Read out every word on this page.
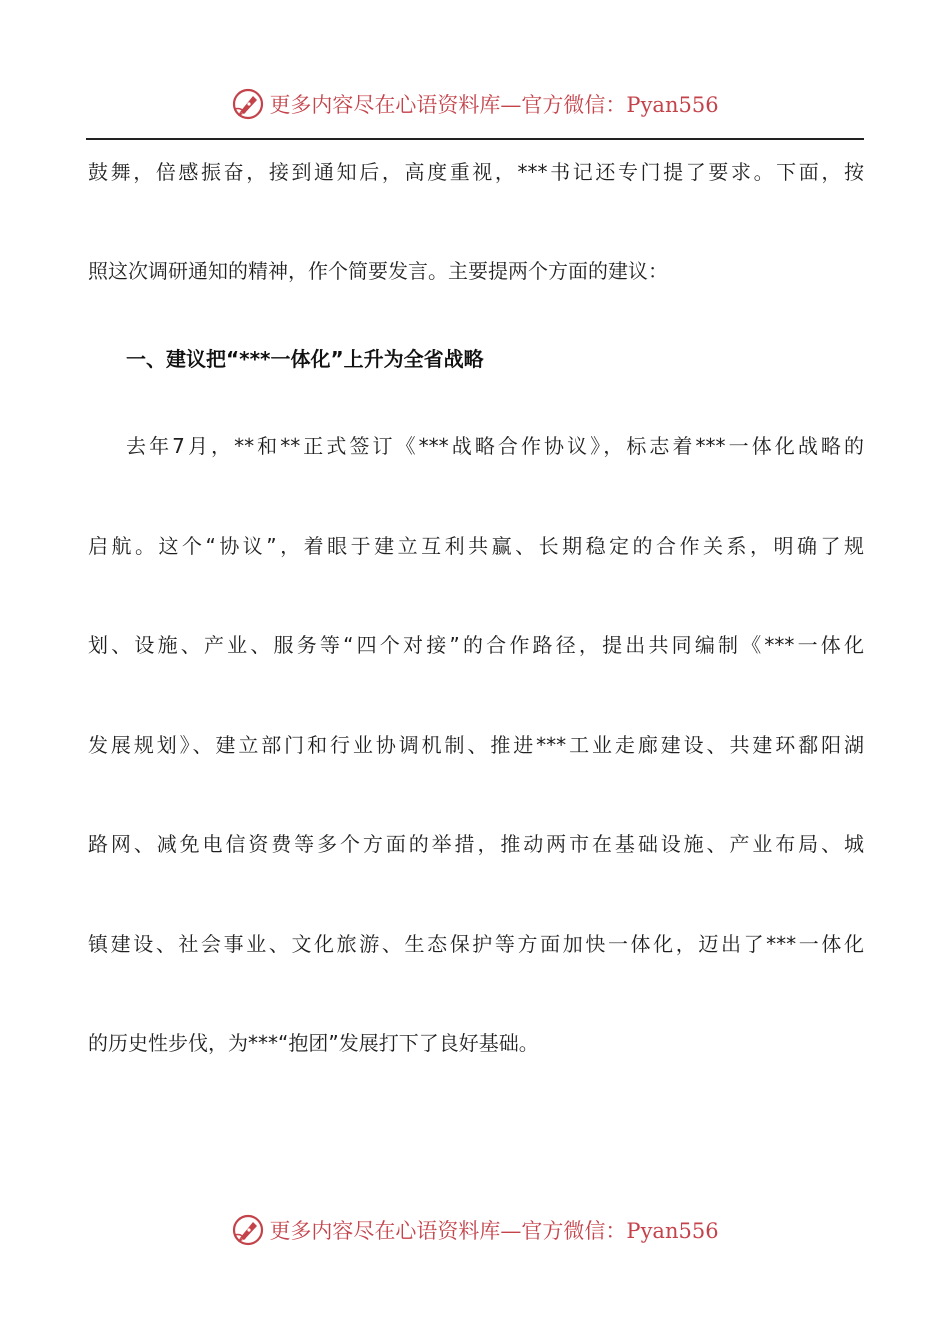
更多内容尽在心语资料库—官方微信：Pyan556
鼓舞，倍感振奋，接到通知后，高度重视，***书记还专门提了要求。下面，按
照这次调研通知的精神，作个简要发言。主要提两个方面的建议：
一、建议把“***一体化”上升为全省战略
去年7月，**和**正式签订《***战略合作协议》，标志着***一体化战略的
启航。这个“协议”，着眼于建立互利共赢、长期稳定的合作关系，明确了规
划、设施、产业、服务等“四个对接”的合作路径，提出共同编制《***一体化
发展规划》、建立部门和行业协调机制、推进***工业走廊建设、共建环鄱阳湖
路网、减免电信资费等多个方面的举措，推动两市在基础设施、产业布局、城
镇建设、社会事业、文化旅游、生态保护等方面加快一体化，迈出了***一体化
的历史性步伐，为***“抱团”发展打下了良好基础。
更多内容尽在心语资料库—官方微信：Pyan556
